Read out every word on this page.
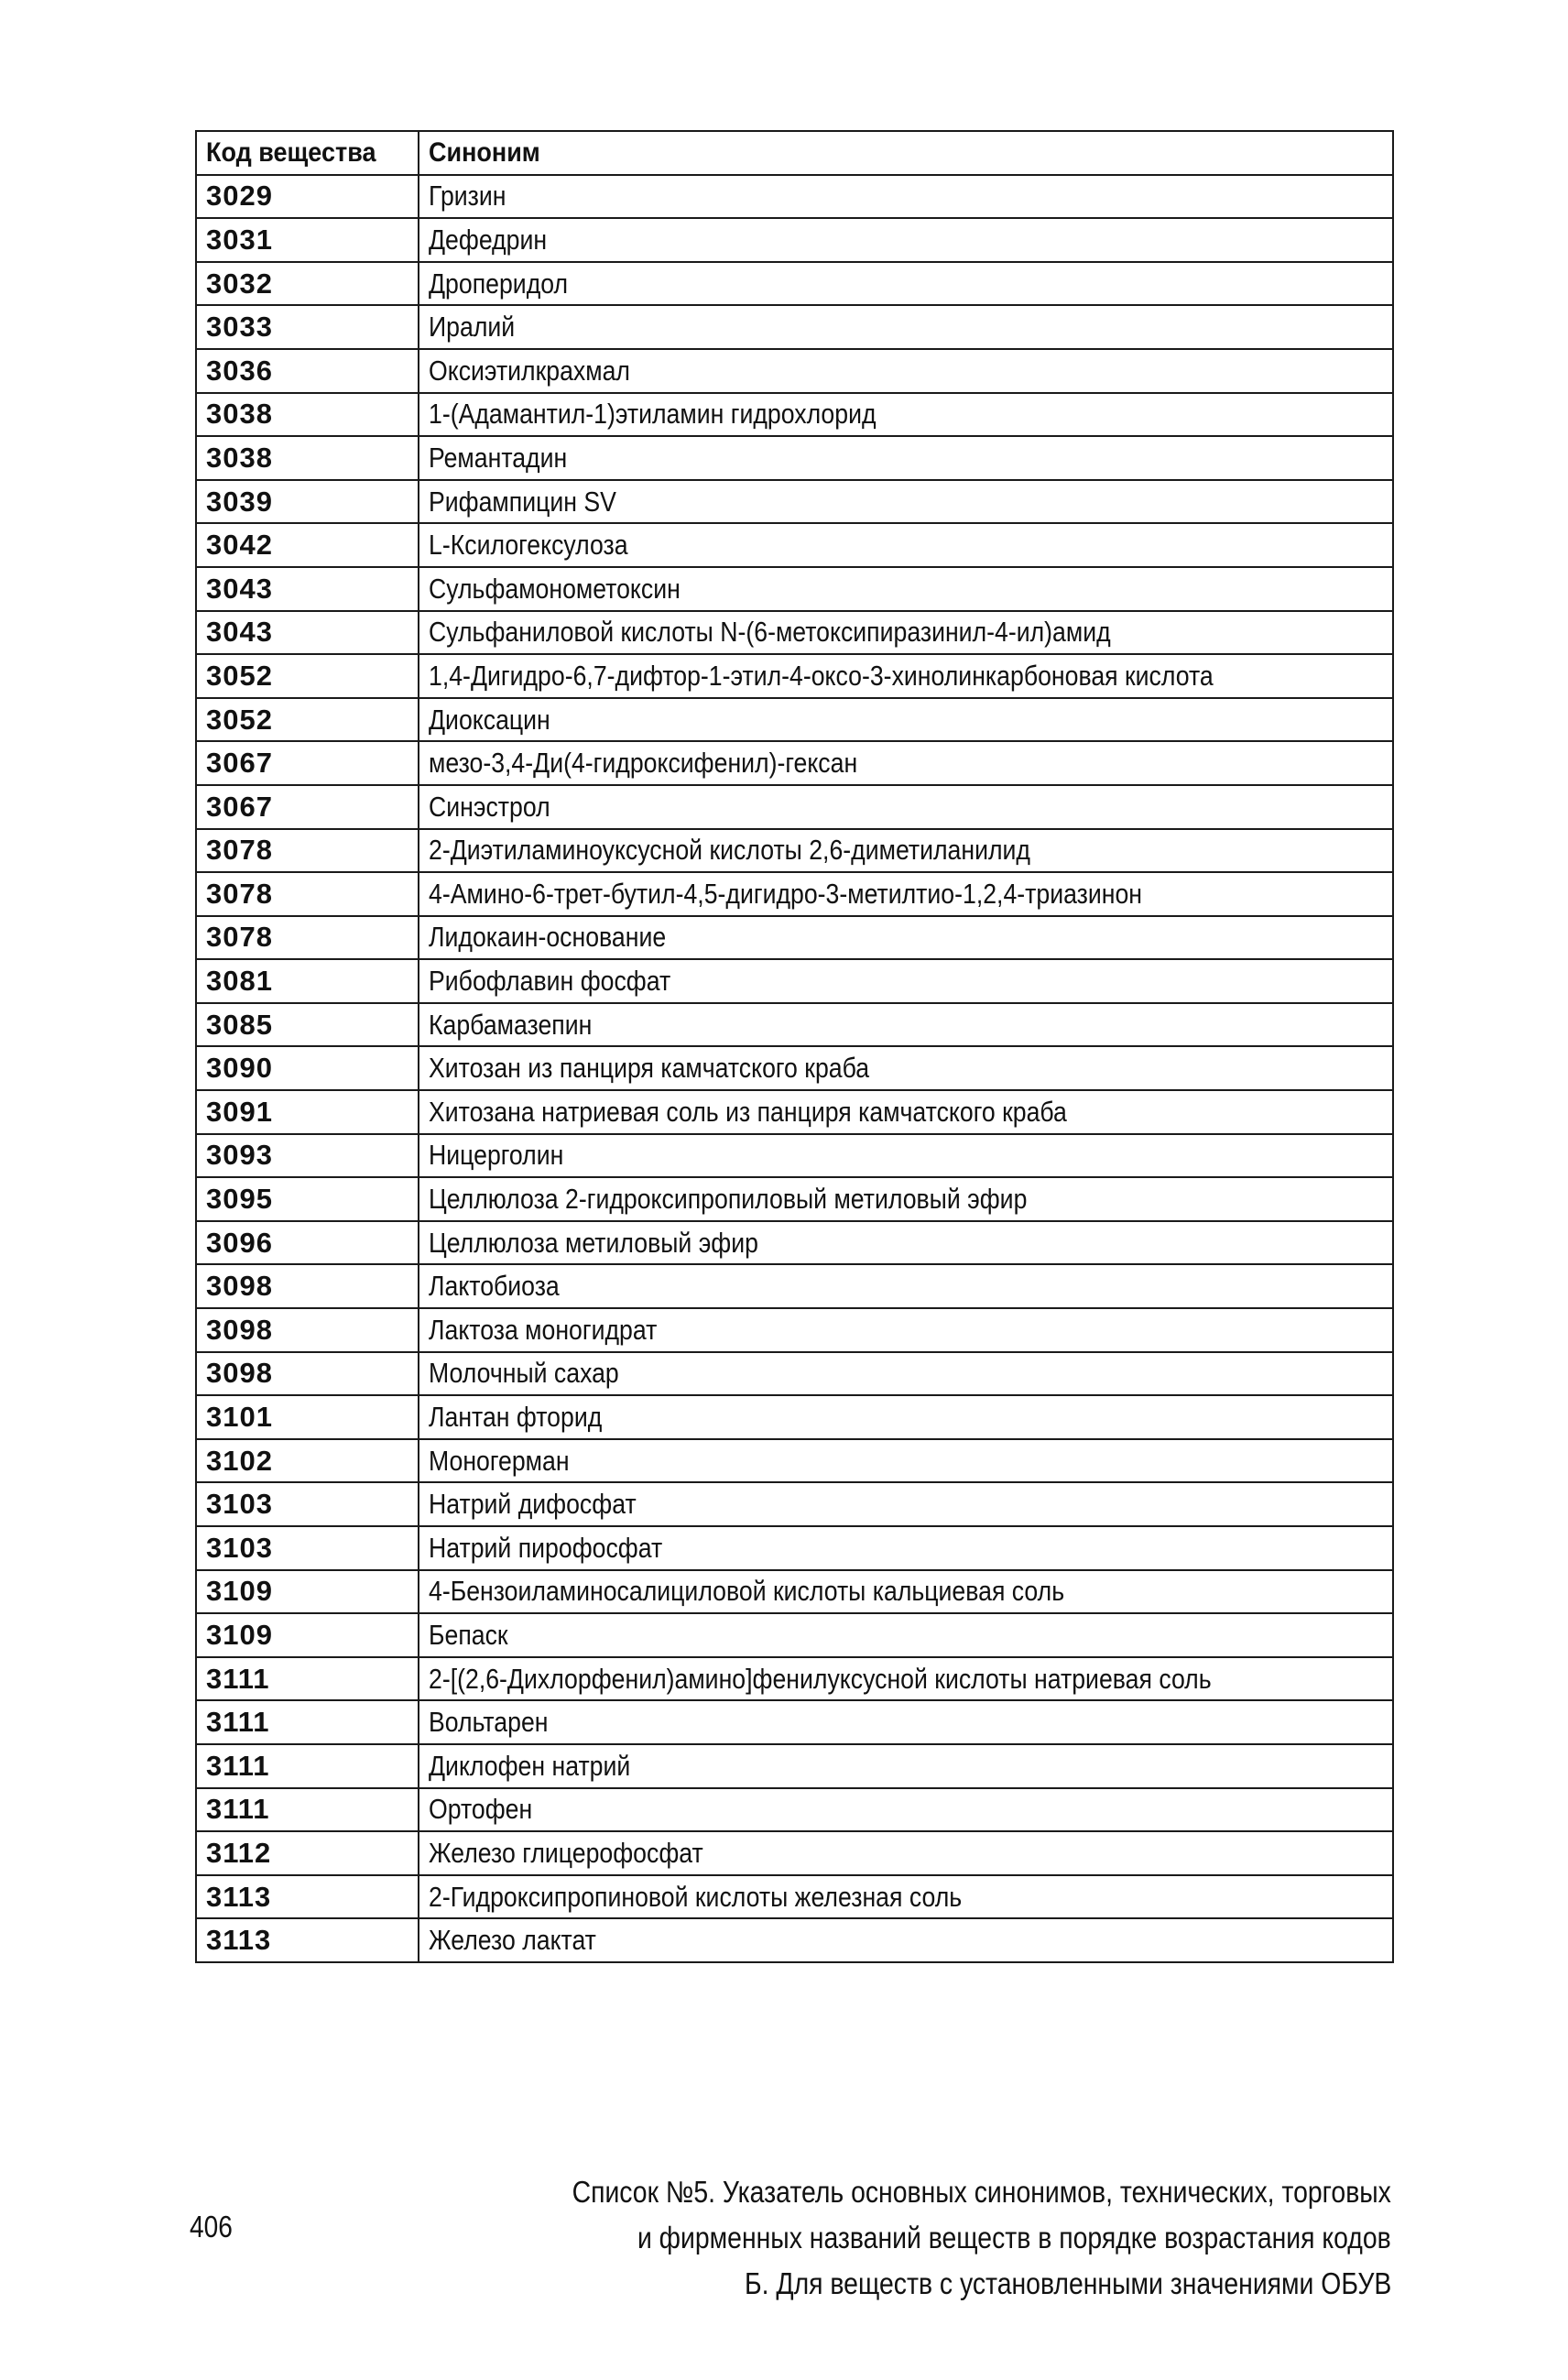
Код вещества	Синоним
3029	Гризин
3031	Дефедрин
3032	Дроперидол
3033	Иралий
3036	Оксиэтилкрахмал
3038	1-(Адамантил-1)этиламин гидрохлорид
3038	Ремантадин
3039	Рифампицин SV
3042	L-Ксилогексулоза
3043	Сульфамонометоксин
3043	Сульфаниловой кислоты N-(6-метоксипиразинил-4-ил)амид
3052	1,4-Дигидро-6,7-дифтор-1-этил-4-оксо-3-хинолинкарбоновая кислота
3052	Диоксацин
3067	мезо-3,4-Ди(4-гидроксифенил)-гексан
3067	Синэстрол
3078	2-Диэтиламиноуксусной кислоты 2,6-диметиланилид
3078	4-Амино-6-трет-бутил-4,5-дигидро-3-метилтио-1,2,4-триазинон
3078	Лидокаин-основание
3081	Рибофлавин фосфат
3085	Карбамазепин
3090	Хитозан из панциря камчатского краба
3091	Хитозана натриевая соль из панциря камчатского краба
3093	Ницерголин
3095	Целлюлоза 2-гидроксипропиловый метиловый эфир
3096	Целлюлоза метиловый эфир
3098	Лактобиоза
3098	Лактоза моногидрат
3098	Молочный сахар
3101	Лантан фторид
3102	Моногерман
3103	Натрий дифосфат
3103	Натрий пирофосфат
3109	4-Бензоиламиносалициловой кислоты кальциевая соль
3109	Бепаск
3111	2-[(2,6-Дихлорфенил)амино]фенилуксусной кислоты натриевая соль
3111	Вольтарен
3111	Диклофен натрий
3111	Ортофен
3112	Железо глицерофосфат
3113	2-Гидроксипропиновой кислоты железная соль
3113	Железо лактат
406
Список №5. Указатель основных синонимов, технических, торговых
и фирменных названий веществ в порядке возрастания кодов
Б. Для веществ с установленными значениями ОБУВ
